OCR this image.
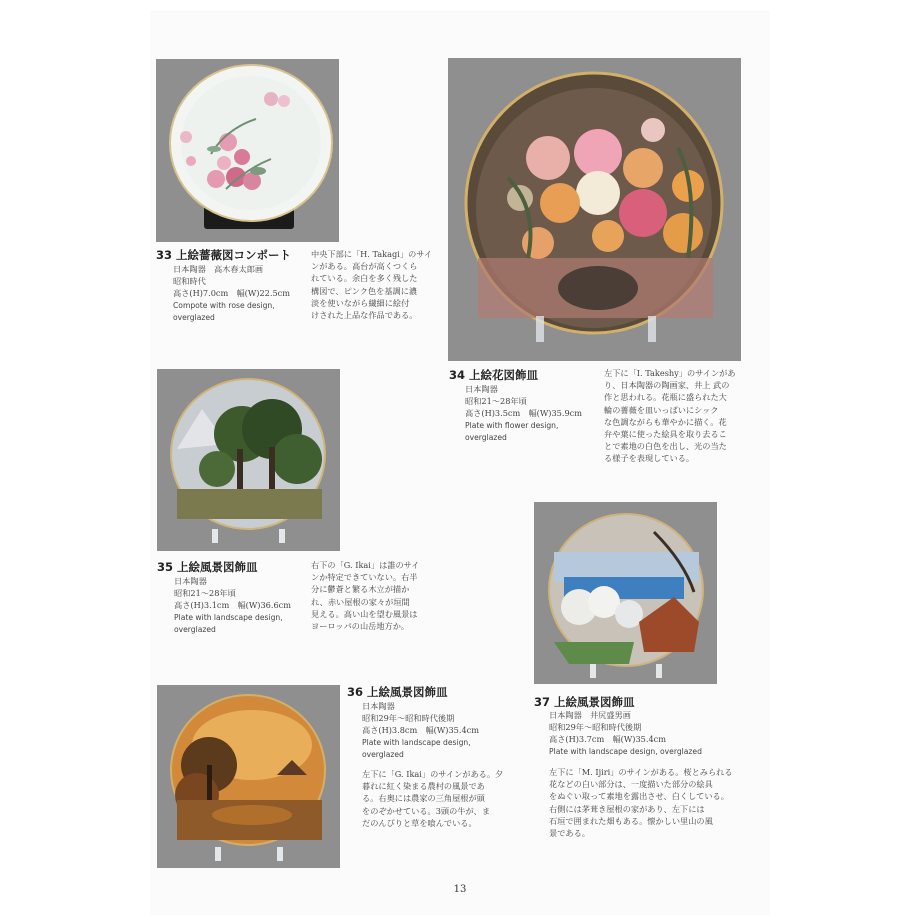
33 上絵薔薇図コンポート
日本陶器　高木春太郎画
昭和時代
高さ(H)7.0cm　幅(W)22.5cm
Compote with rose design,
overglazed
中央下部に「H. Takagi」のサイ
ンがある。高台が高くつくら
れている。余白を多く残した
構図で、ピンク色を基調に濃
淡を使いながら繊細に絵付
けされた上品な作品である。
34 上絵花図飾皿
日本陶器
昭和21～28年頃
高さ(H)3.5cm　幅(W)35.9cm
Plate with flower design,
overglazed
左下に「I. Takeshy」のサインがあ
り、日本陶器の陶画家、井上 武の
作と思われる。花瓶に盛られた大
輪の薔薇を皿いっぱいにシック
な色調ながらも華やかに描く。花
弁や葉に使った絵具を取り去るこ
とで素地の白色を出し、光の当た
る様子を表現している。
35 上絵風景図飾皿
日本陶器
昭和21～28年頃
高さ(H)3.1cm　幅(W)36.6cm
Plate with landscape design,
overglazed
右下の「G. Ikai」は誰のサイ
ンか特定できていない。右半
分に鬱蒼と繁る木立が描か
れ、赤い屋根の家々が垣間
見える。高い山を望む風景は
ヨーロッパの山岳地方か。
36 上絵風景図飾皿
日本陶器
昭和29年～昭和時代後期
高さ(H)3.8cm　幅(W)35.4cm
Plate with landscape design,
overglazed
左下に「G. Ikai」のサインがある。夕
暮れに紅く染まる農村の風景であ
る。右奥には農家の三角屋根が頭
をのぞかせている。3頭の牛が、ま
だのんびりと草を喰んでいる。
37 上絵風景図飾皿
日本陶器　井尻盛男画
昭和29年～昭和時代後期
高さ(H)3.7cm　幅(W)35.4cm
Plate with landscape design, overglazed
左下に「M. Ijiri」のサインがある。桜とみられる
花などの白い部分は、一度描いた部分の絵具
をぬぐい取って素地を露出させ、白くしている。
右側には茅葺き屋根の家があり、左下には
石垣で囲まれた畑もある。懐かしい里山の風
景である。
13
